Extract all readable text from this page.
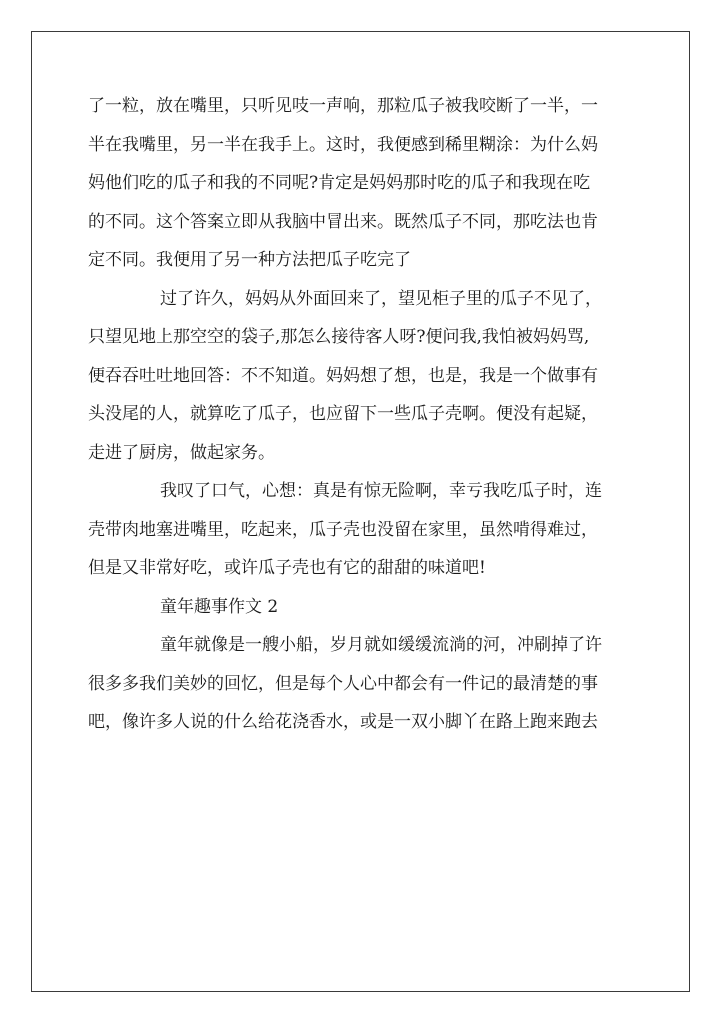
了一粒，放在嘴里，只听见吱一声响，那粒瓜子被我咬断了一半，一
半在我嘴里，另一半在我手上。这时，我便感到稀里糊涂：为什么妈
妈他们吃的瓜子和我的不同呢?肯定是妈妈那时吃的瓜子和我现在吃
的不同。这个答案立即从我脑中冒出来。既然瓜子不同，那吃法也肯
定不同。我便用了另一种方法把瓜子吃完了
过了许久，妈妈从外面回来了，望见柜子里的瓜子不见了，
只望见地上那空空的袋子,那怎么接待客人呀?便问我,我怕被妈妈骂,
便吞吞吐吐地回答：不不知道。妈妈想了想，也是，我是一个做事有
头没尾的人，就算吃了瓜子，也应留下一些瓜子壳啊。便没有起疑，
走进了厨房，做起家务。
我叹了口气，心想：真是有惊无险啊，幸亏我吃瓜子时，连
壳带肉地塞进嘴里，吃起来，瓜子壳也没留在家里，虽然啃得难过，
但是又非常好吃，或许瓜子壳也有它的甜甜的味道吧!
童年趣事作文 2
童年就像是一艘小船，岁月就如缓缓流淌的河，冲刷掉了许
很多多我们美妙的回忆，但是每个人心中都会有一件记的最清楚的事
吧，像许多人说的什么给花浇香水，或是一双小脚丫在路上跑来跑去
